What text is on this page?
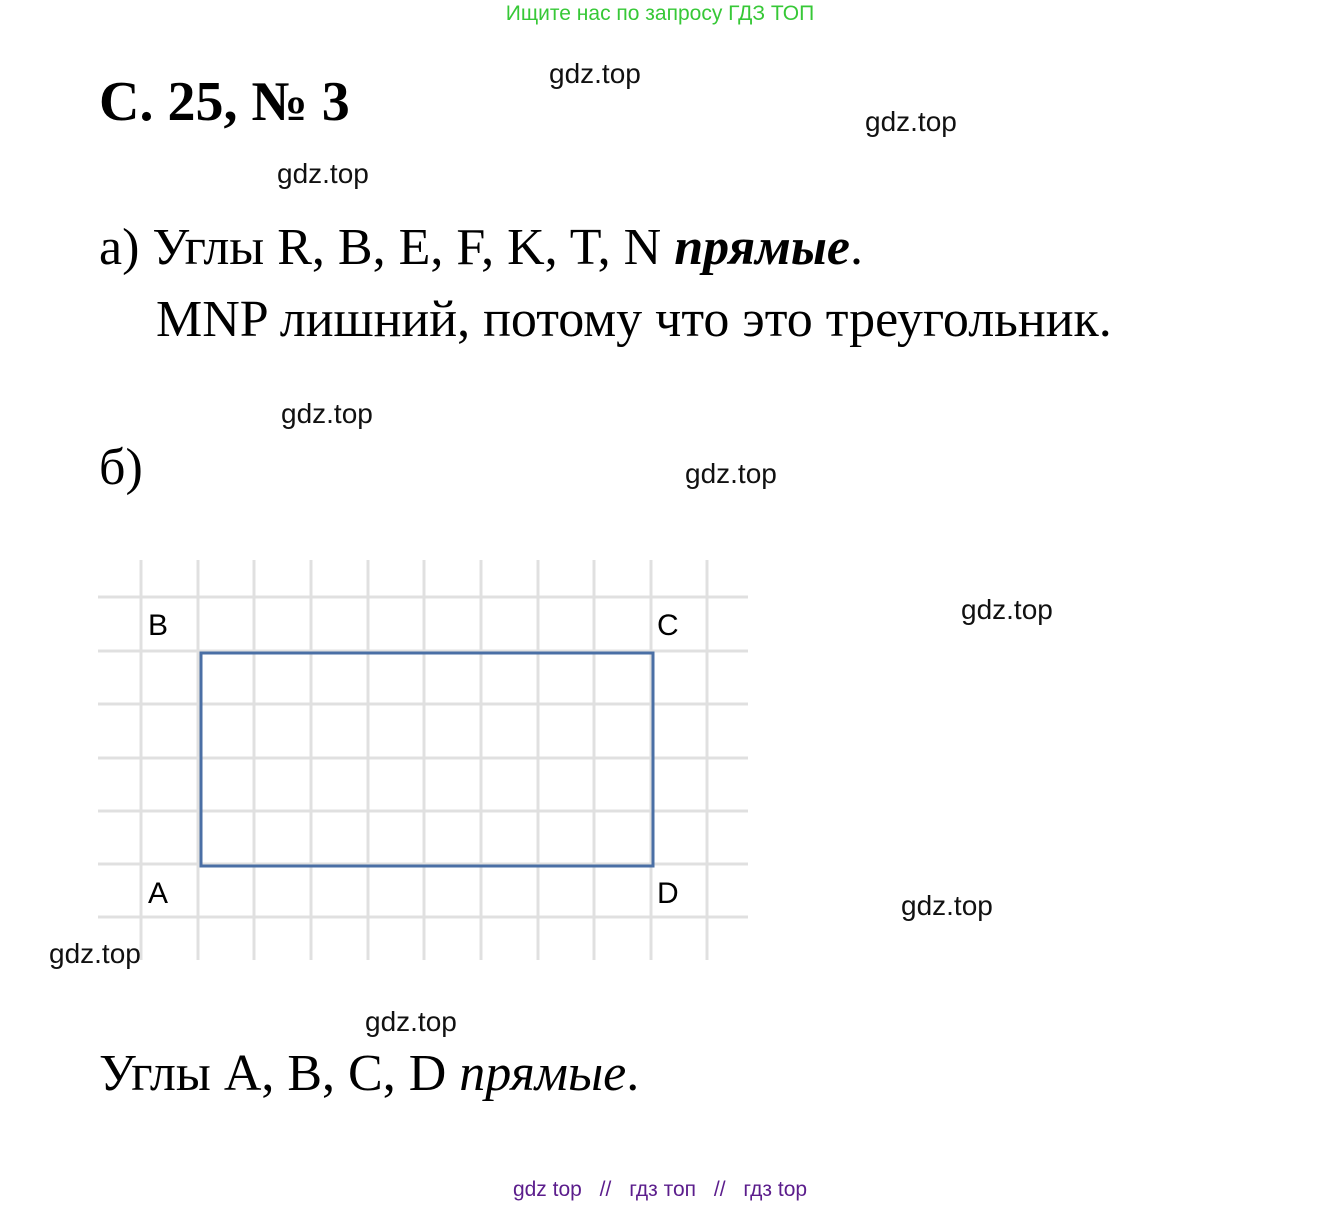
Ищите нас по запросу ГДЗ ТОП
С. 25, № 3	gdz.top
gdz.top
gdz.top
а) Углы R, B, E, F, K, T, N прямые.
MNP лишний, потому что это треугольник.
gdz.top
б)	gdz.top
B	C
A	D
gdz.top
gdz.top
gdz.top
gdz.top
Углы A, B, C, D прямые.
gdz top // гдз топ // гдз top
